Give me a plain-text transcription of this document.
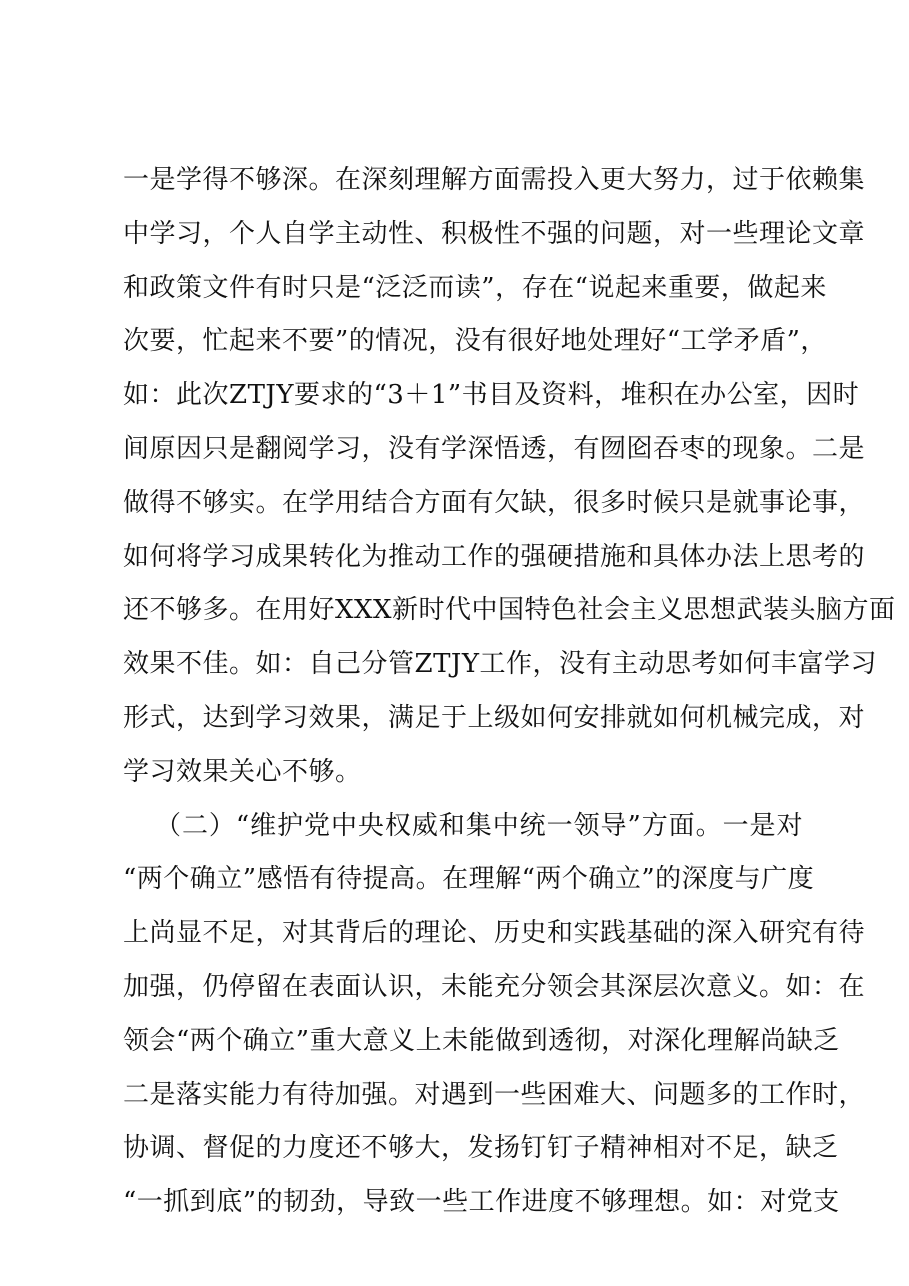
一是学得不够深。在深刻理解方面需投入更大努力，过于依赖集
中学习，个人自学主动性、积极性不强的问题，对一些理论文章
和政策文件有时只是“泛泛而读”，存在“说起来重要，做起来
次要，忙起来不要”的情况，没有很好地处理好“工学矛盾”，
如：此次ZTJY要求的“3＋1”书目及资料，堆积在办公室，因时
间原因只是翻阅学习，没有学深悟透，有囫囵吞枣的现象。二是
做得不够实。在学用结合方面有欠缺，很多时候只是就事论事，
如何将学习成果转化为推动工作的强硬措施和具体办法上思考的
还不够多。在用好XXX新时代中国特色社会主义思想武装头脑方面
效果不佳。如：自己分管ZTJY工作，没有主动思考如何丰富学习
形式，达到学习效果，满足于上级如何安排就如何机械完成，对
学习效果关心不够。
（二）“维护党中央权威和集中统一领导”方面。一是对
“两个确立”感悟有待提高。在理解“两个确立”的深度与广度
上尚显不足，对其背后的理论、历史和实践基础的深入研究有待
加强，仍停留在表面认识，未能充分领会其深层次意义。如：在
领会“两个确立”重大意义上未能做到透彻，对深化理解尚缺乏
二是落实能力有待加强。对遇到一些困难大、问题多的工作时，
协调、督促的力度还不够大，发扬钉钉子精神相对不足，缺乏
“一抓到底”的韧劲，导致一些工作进度不够理想。如：对党支
